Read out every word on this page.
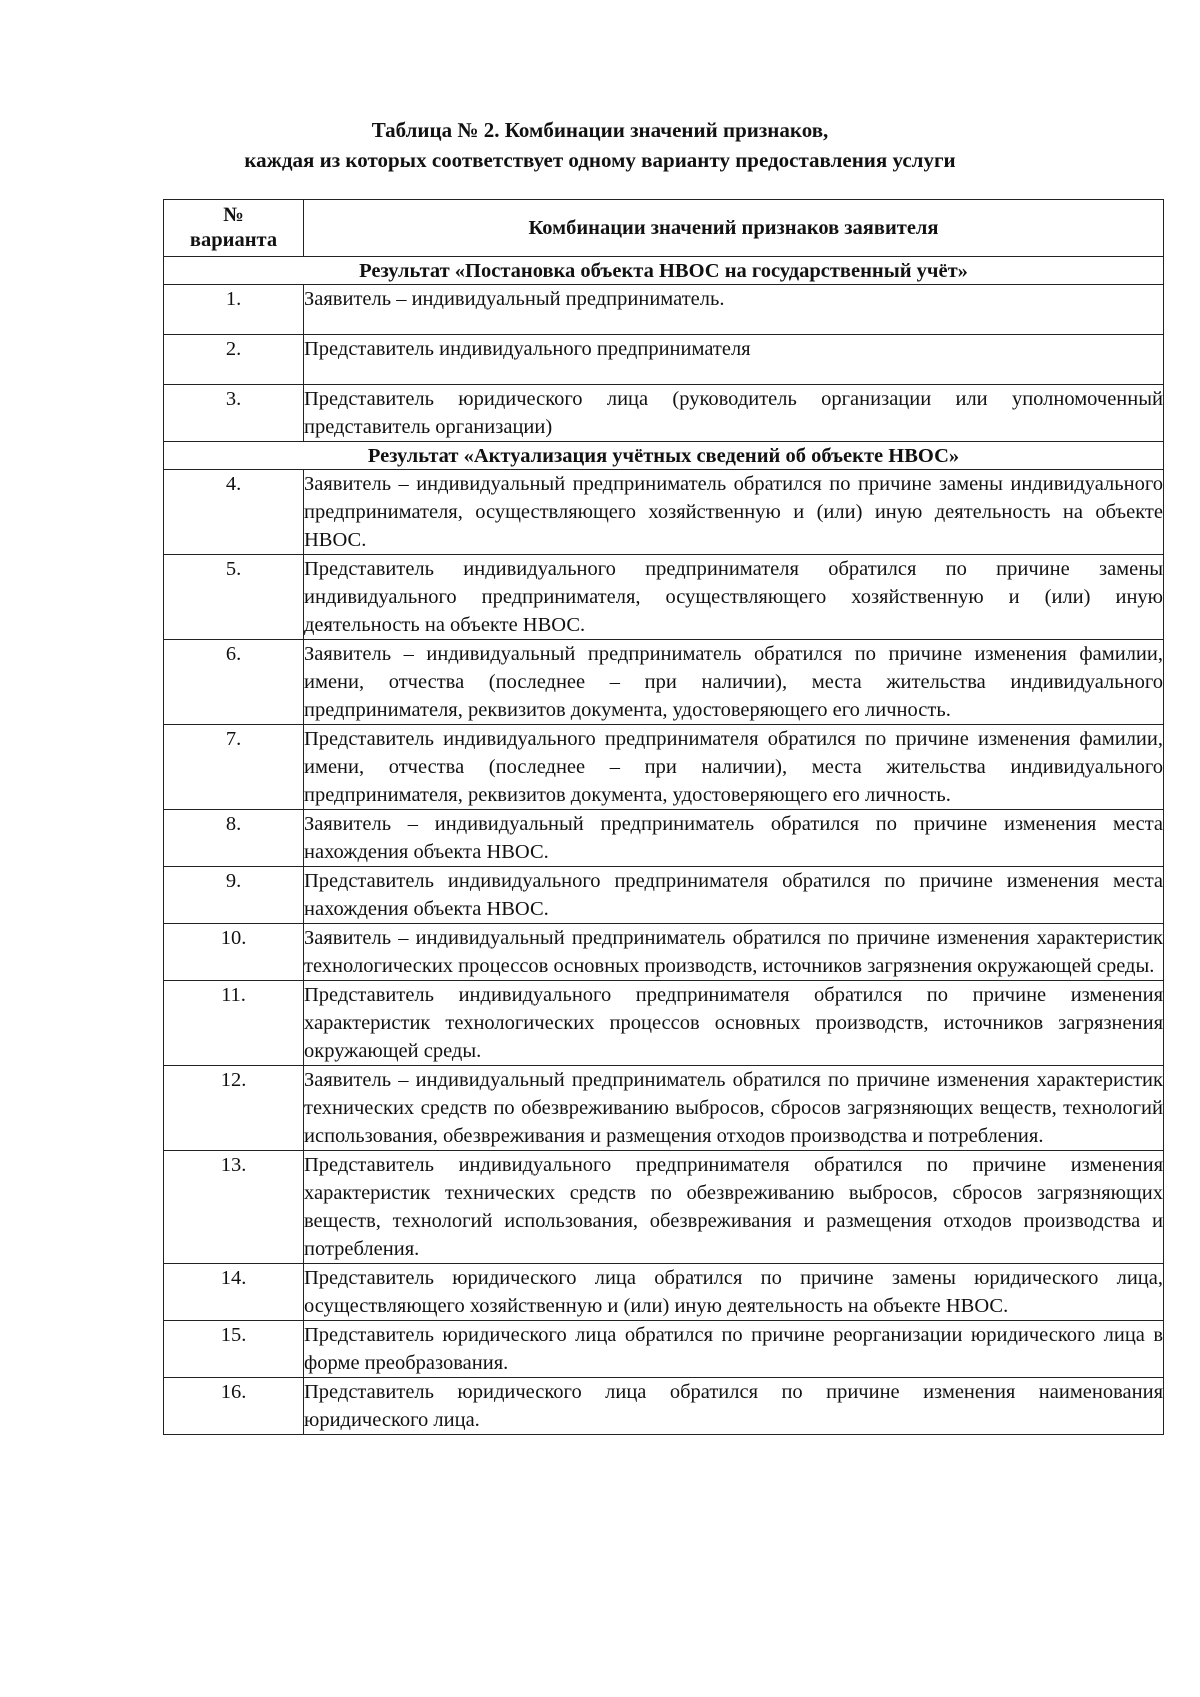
Таблица № 2. Комбинации значений признаков,
каждая из которых соответствует одному варианту предоставления услуги
№
варианта	Комбинации значений признаков заявителя
Результат «Постановка объекта НВОС на государственный учёт»	
1.	Заявитель – индивидуальный предприниматель.
2.	Представитель индивидуального предпринимателя
3.	Представитель юридического лица (руководитель организации или уполномоченный представитель организации)
Результат «Актуализация учётных сведений об объекте НВОС»	
4.	Заявитель – индивидуальный предприниматель обратился по причине замены индивидуального предпринимателя, осуществляющего хозяйственную и (или) иную деятельность на объекте НВОС.
5.	Представитель индивидуального предпринимателя обратился по причине замены индивидуального предпринимателя, осуществляющего хозяйственную и (или) иную деятельность на объекте НВОС.
6.	Заявитель – индивидуальный предприниматель обратился по причине изменения фамилии, имени, отчества (последнее – при наличии), места жительства индивидуального предпринимателя, реквизитов документа, удостоверяющего его личность.
7.	Представитель индивидуального предпринимателя обратился по причине изменения фамилии, имени, отчества (последнее – при наличии), места жительства индивидуального предпринимателя, реквизитов документа, удостоверяющего его личность.
8.	Заявитель – индивидуальный предприниматель обратился по причине изменения места нахождения объекта НВОС.
9.	Представитель индивидуального предпринимателя обратился по причине изменения места нахождения объекта НВОС.
10.	Заявитель – индивидуальный предприниматель обратился по причине изменения характеристик технологических процессов основных производств, источников загрязнения окружающей среды.
11.	Представитель индивидуального предпринимателя обратился по причине изменения характеристик технологических процессов основных производств, источников загрязнения окружающей среды.
12.	Заявитель – индивидуальный предприниматель обратился по причине изменения характеристик технических средств по обезвреживанию выбросов, сбросов загрязняющих веществ, технологий использования, обезвреживания и размещения отходов производства и потребления.
13.	Представитель индивидуального предпринимателя обратился по причине изменения характеристик технических средств по обезвреживанию выбросов, сбросов загрязняющих веществ, технологий использования, обезвреживания и размещения отходов производства и потребления.
14.	Представитель юридического лица обратился по причине замены юридического лица, осуществляющего хозяйственную и (или) иную деятельность на объекте НВОС.
15.	Представитель юридического лица обратился по причине реорганизации юридического лица в форме преобразования.
16.	Представитель юридического лица обратился по причине изменения наименования юридического лица.
